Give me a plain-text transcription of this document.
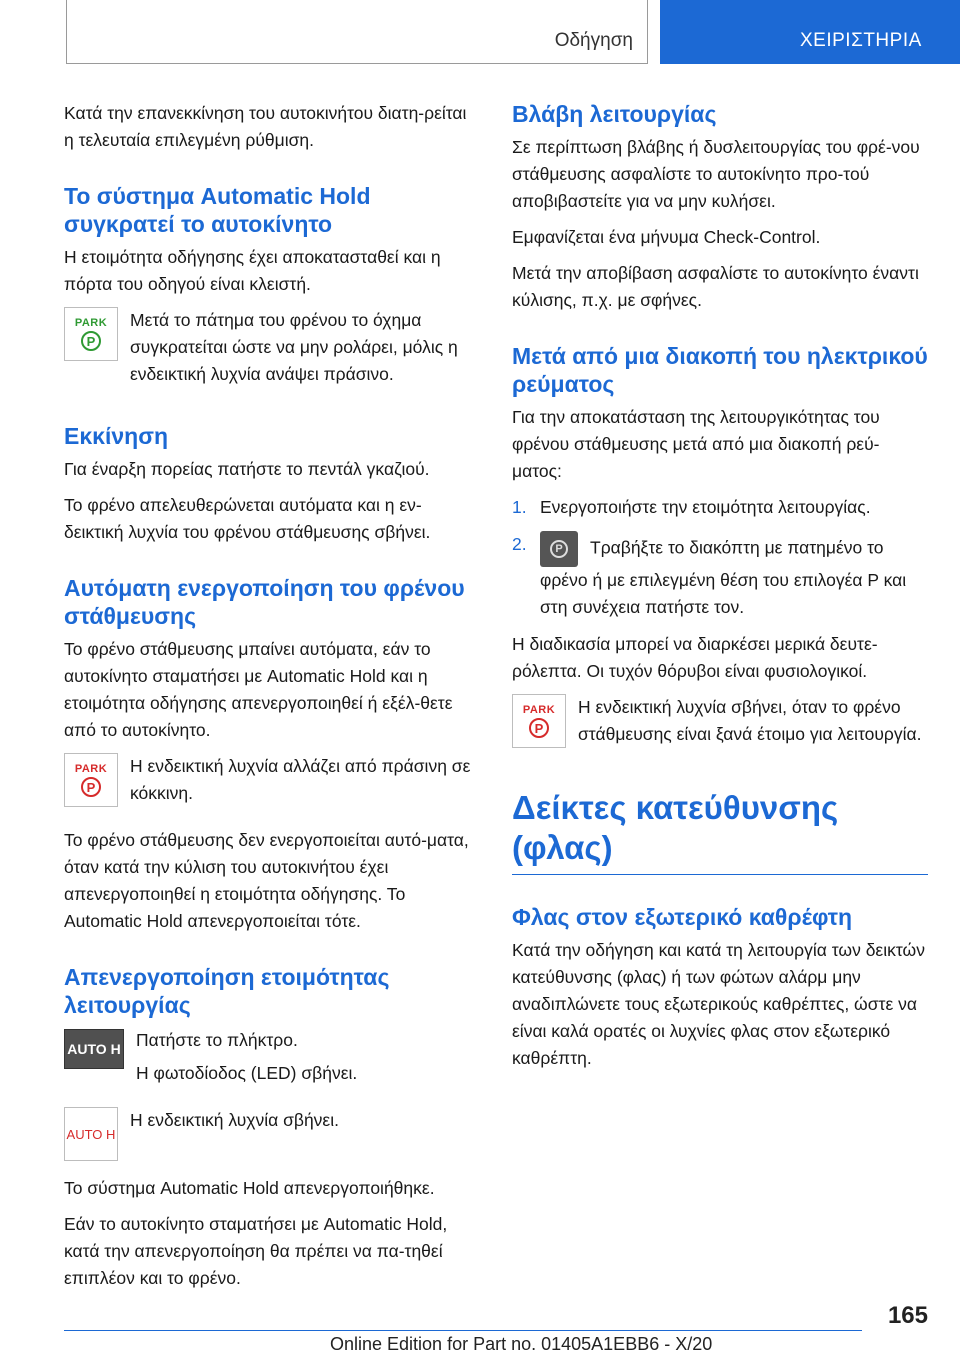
Οδήγηση	ΧΕΙΡΙΣΤΗΡΙΑ

Κατά την επανεκκίνηση του αυτοκινήτου διατη-ρείται η τελευταία επιλεγμένη ρύθμιση.

Το σύστημα Automatic Hold συγκρατεί το αυτοκίνητο

Η ετοιμότητα οδήγησης έχει αποκατασταθεί και η πόρτα του οδηγού είναι κλειστή.

PARK
P

Μετά το πάτημα του φρένου το όχημα συγκρατείται ώστε να μην ρολάρει, μόλις η ενδεικτική λυχνία ανάψει πράσινο.

Εκκίνηση

Για έναρξη πορείας πατήστε το πεντάλ γκαζιού.

Το φρένο απελευθερώνεται αυτόματα και η εν-δεικτική λυχνία του φρένου στάθμευσης σβήνει.

Αυτόματη ενεργοποίηση του φρένου στάθμευσης

Το φρένο στάθμευσης μπαίνει αυτόματα, εάν το αυτοκίνητο σταματήσει με Automatic Hold και η ετοιμότητα οδήγησης απενεργοποιηθεί ή εξέλ-θετε από το αυτοκίνητο.

PARK
P

Η ενδεικτική λυχνία αλλάζει από πράσινη σε κόκκινη.

Το φρένο στάθμευσης δεν ενεργοποιείται αυτό-ματα, όταν κατά την κύλιση του αυτοκινήτου έχει απενεργοποιηθεί η ετοιμότητα οδήγησης. Το Automatic Hold απενεργοποιείται τότε.

Απενεργοποίηση ετοιμότητας λειτουργίας
AUTO H Πατήστε το πλήκτρο.

Η φωτοδίοδος (LED) σβήνει.

AUTO H

Η ενδεικτική λυχνία σβήνει.

Το σύστημα Automatic Hold απενεργοποιήθηκε.

Εάν το αυτοκίνητο σταματήσει με Automatic Hold, κατά την απενεργοποίηση θα πρέπει να πα-τηθεί επιπλέον και το φρένο.

Βλάβη λειτουργίας

Σε περίπτωση βλάβης ή δυσλειτουργίας του φρέ-νου στάθμευσης ασφαλίστε το αυτοκίνητο προ-τού αποβιβαστείτε για να μην κυλήσει.

Εμφανίζεται ένα μήνυμα Check-Control.

Μετά την αποβίβαση ασφαλίστε το αυτοκίνητο έναντι κύλισης, π.χ. με σφήνες.

Μετά από μια διακοπή του ηλεκτρικού ρεύματος

Για την αποκατάσταση της λειτουργικότητας του φρένου στάθμευσης μετά από μια διακοπή ρεύ-ματος:

1. Ενεργοποιήστε την ετοιμότητα λειτουργίας.

2.	P	Τραβήξτε το διακόπτη με πατημένο το φρένο ή με επιλεγμένη θέση του επιλογέα P και στη συνέχεια πατήστε τον.

Η διαδικασία μπορεί να διαρκέσει μερικά δευτε-ρόλεπτα. Οι τυχόν θόρυβοι είναι φυσιολογικοί.

PARK
P

Η ενδεικτική λυχνία σβήνει, όταν το φρένο στάθμευσης είναι ξανά έτοιμο για λειτουργία.

Δείκτες κατεύθυνσης (φλας)
Φλας στον εξωτερικό καθρέφτη

Κατά την οδήγηση και κατά τη λειτουργία των δεικτών κατεύθυνσης (φλας) ή των φώτων αλάρμ μην αναδιπλώνετε τους εξωτερικούς καθρέπτες, ώστε να είναι καλά ορατές οι λυχνίες φλας στον εξωτερικό καθρέπτη.

165
Online Edition for Part no. 01405A1EBB6 - X/20
